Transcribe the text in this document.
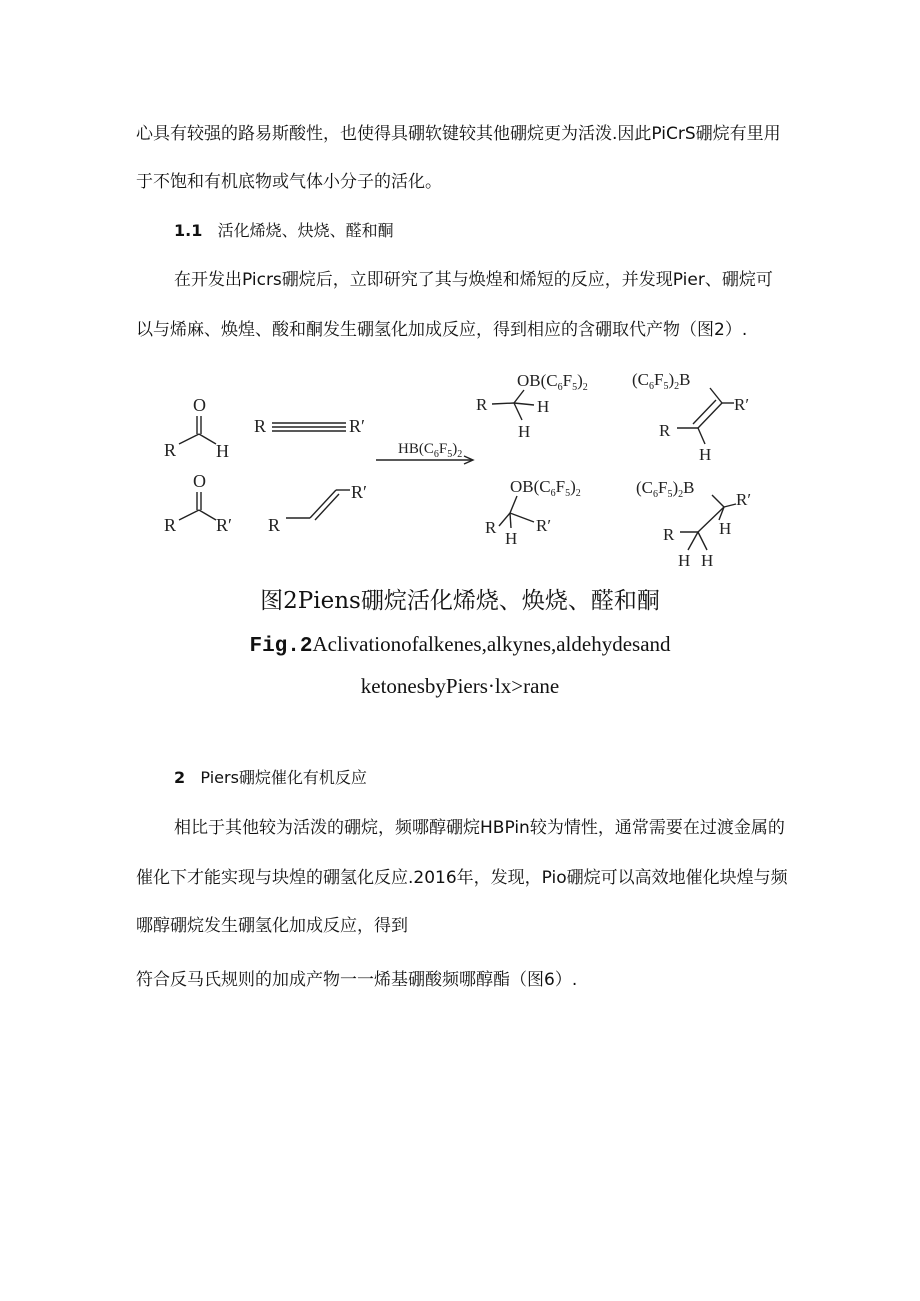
心具有较强的路易斯酸性，也使得具硼软键较其他硼烷更为活泼.因此PiCrS硼烷有里用
于不饱和有机底物或气体小分子的活化。
1.1 活化烯烧、炔烧、醛和酮
在开发出Picrs硼烷后，立即研究了其与焕煌和烯短的反应，并发现Pier、硼烷可
以与烯麻、焕煌、酸和酮发生硼氢化加成反应，得到相应的含硼取代产物（图2）.
O
R H
R	R′
O
R R′ R
R′
$HB(C_6F_5)_2$
$OB(C_6F_5)_2$
R	H
H
$(C_6F_5)_2B$
R′
R
H
$OB(C_6F_5)_2$
R R′
H
$(C_6F_5)_2B$
R′
H
R
H H
图2Piens硼烷活化烯烧、焕烧、醛和酮
Fig.2Aclivationofalkenes,alkynes,aldehydesand
ketonesbyPiers·lx>rane
2 Piers硼烷催化有机反应
相比于其他较为活泼的硼烷，频哪醇硼烷HBPin较为情性，通常需要在过渡金属的
催化下才能实现与块煌的硼氢化反应.2016年，发现，Pio硼烷可以高效地催化块煌与频
哪醇硼烷发生硼氢化加成反应，得到
符合反马氏规则的加成产物一一烯基硼酸频哪醇酯（图6）.
